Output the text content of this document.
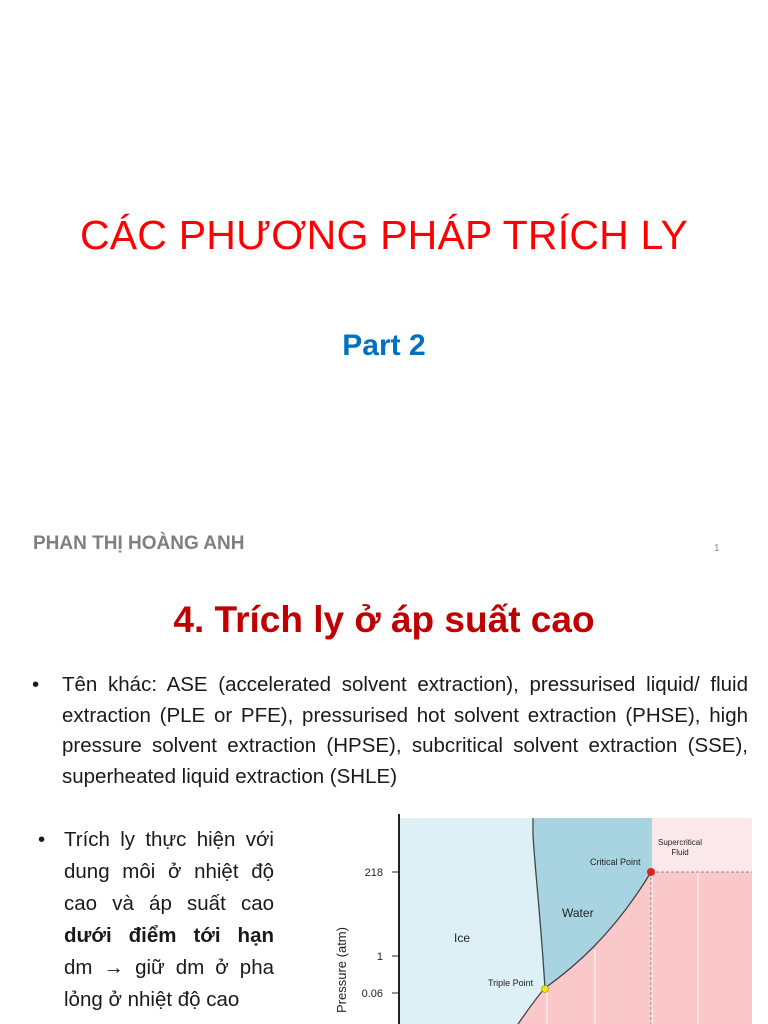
CÁC PHƯƠNG PHÁP TRÍCH LY
Part 2
PHAN THỊ HOÀNG ANH	1
4. Trích ly ở áp suất cao
• Tên khác: ASE (accelerated solvent extraction), pressurised liquid/ fluid extraction (PLE or PFE), pressurised hot solvent extraction (PHSE), high pressure solvent extraction (HPSE), subcritical solvent extraction (SSE), superheated liquid extraction (SHLE)
• Trích ly thực hiện với dung môi ở nhiệt độ cao và áp suất cao dưới điểm tới hạn dm → giữ dm ở pha lỏng ở nhiệt độ cao
218
1
0.06
Pressure (atm)	Ice
Water
Supercritical
Fluid
Critical Point
Triple Point
